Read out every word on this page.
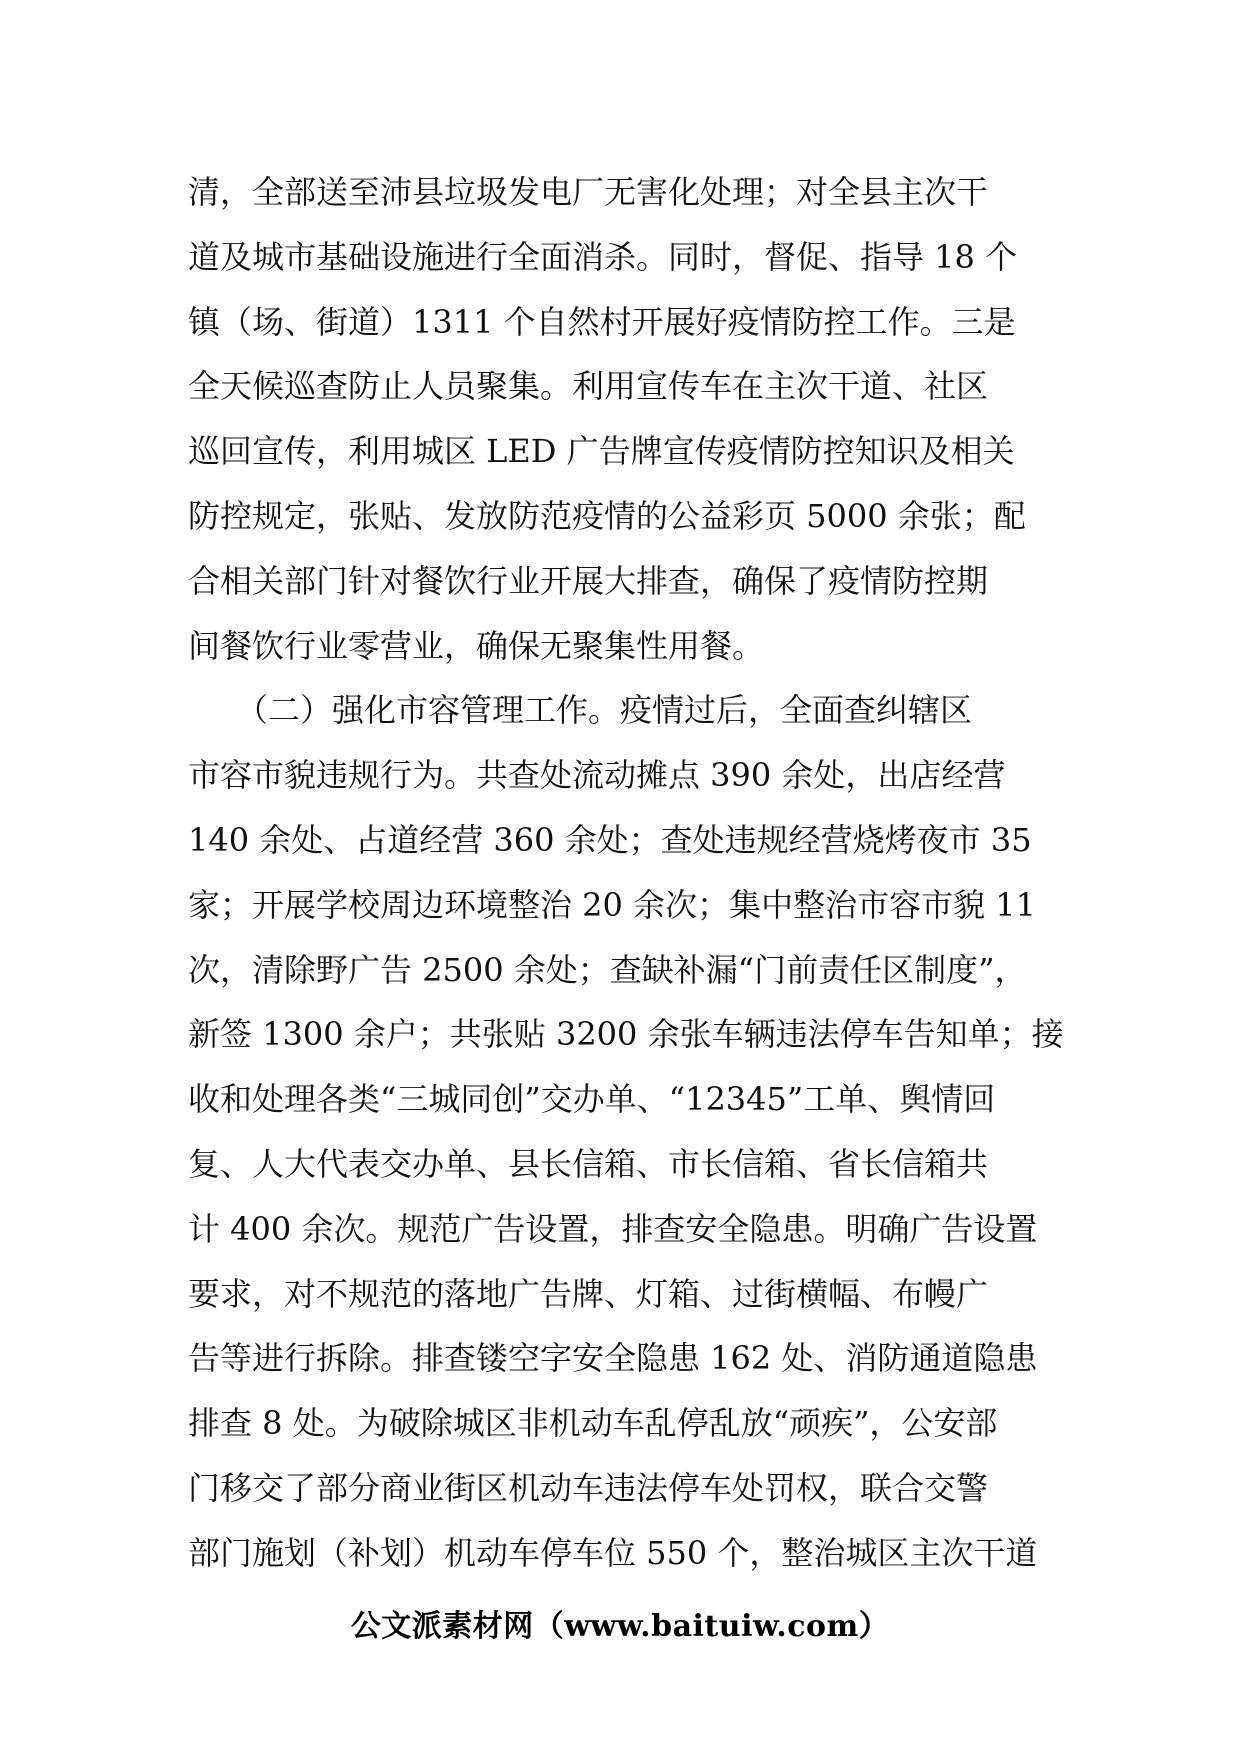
清，全部送至沛县垃圾发电厂无害化处理；对全县主次干
道及城市基础设施进行全面消杀。同时，督促、指导 18 个
镇（场、街道）1311 个自然村开展好疫情防控工作。三是
全天候巡查防止人员聚集。利用宣传车在主次干道、社区
巡回宣传，利用城区 LED 广告牌宣传疫情防控知识及相关
防控规定，张贴、发放防范疫情的公益彩页 5000 余张；配
合相关部门针对餐饮行业开展大排查，确保了疫情防控期
间餐饮行业零营业，确保无聚集性用餐。
　　（二）强化市容管理工作。疫情过后，全面查纠辖区
市容市貌违规行为。共查处流动摊点 390 余处，出店经营
140 余处、占道经营 360 余处；查处违规经营烧烤夜市 35
家；开展学校周边环境整治 20 余次；集中整治市容市貌 11
次，清除野广告 2500 余处；查缺补漏“门前责任区制度”，
新签 1300 余户；共张贴 3200 余张车辆违法停车告知单；接
收和处理各类“三城同创”交办单、“12345”工单、舆情回
复、人大代表交办单、县长信箱、市长信箱、省长信箱共
计 400 余次。规范广告设置，排查安全隐患。明确广告设置
要求，对不规范的落地广告牌、灯箱、过街横幅、布幔广
告等进行拆除。排查镂空字安全隐患 162 处、消防通道隐患
排查 8 处。为破除城区非机动车乱停乱放“顽疾”，公安部
门移交了部分商业街区机动车违法停车处罚权，联合交警
部门施划（补划）机动车停车位 550 个，整治城区主次干道
公文派素材网（www.baituiw.com）
